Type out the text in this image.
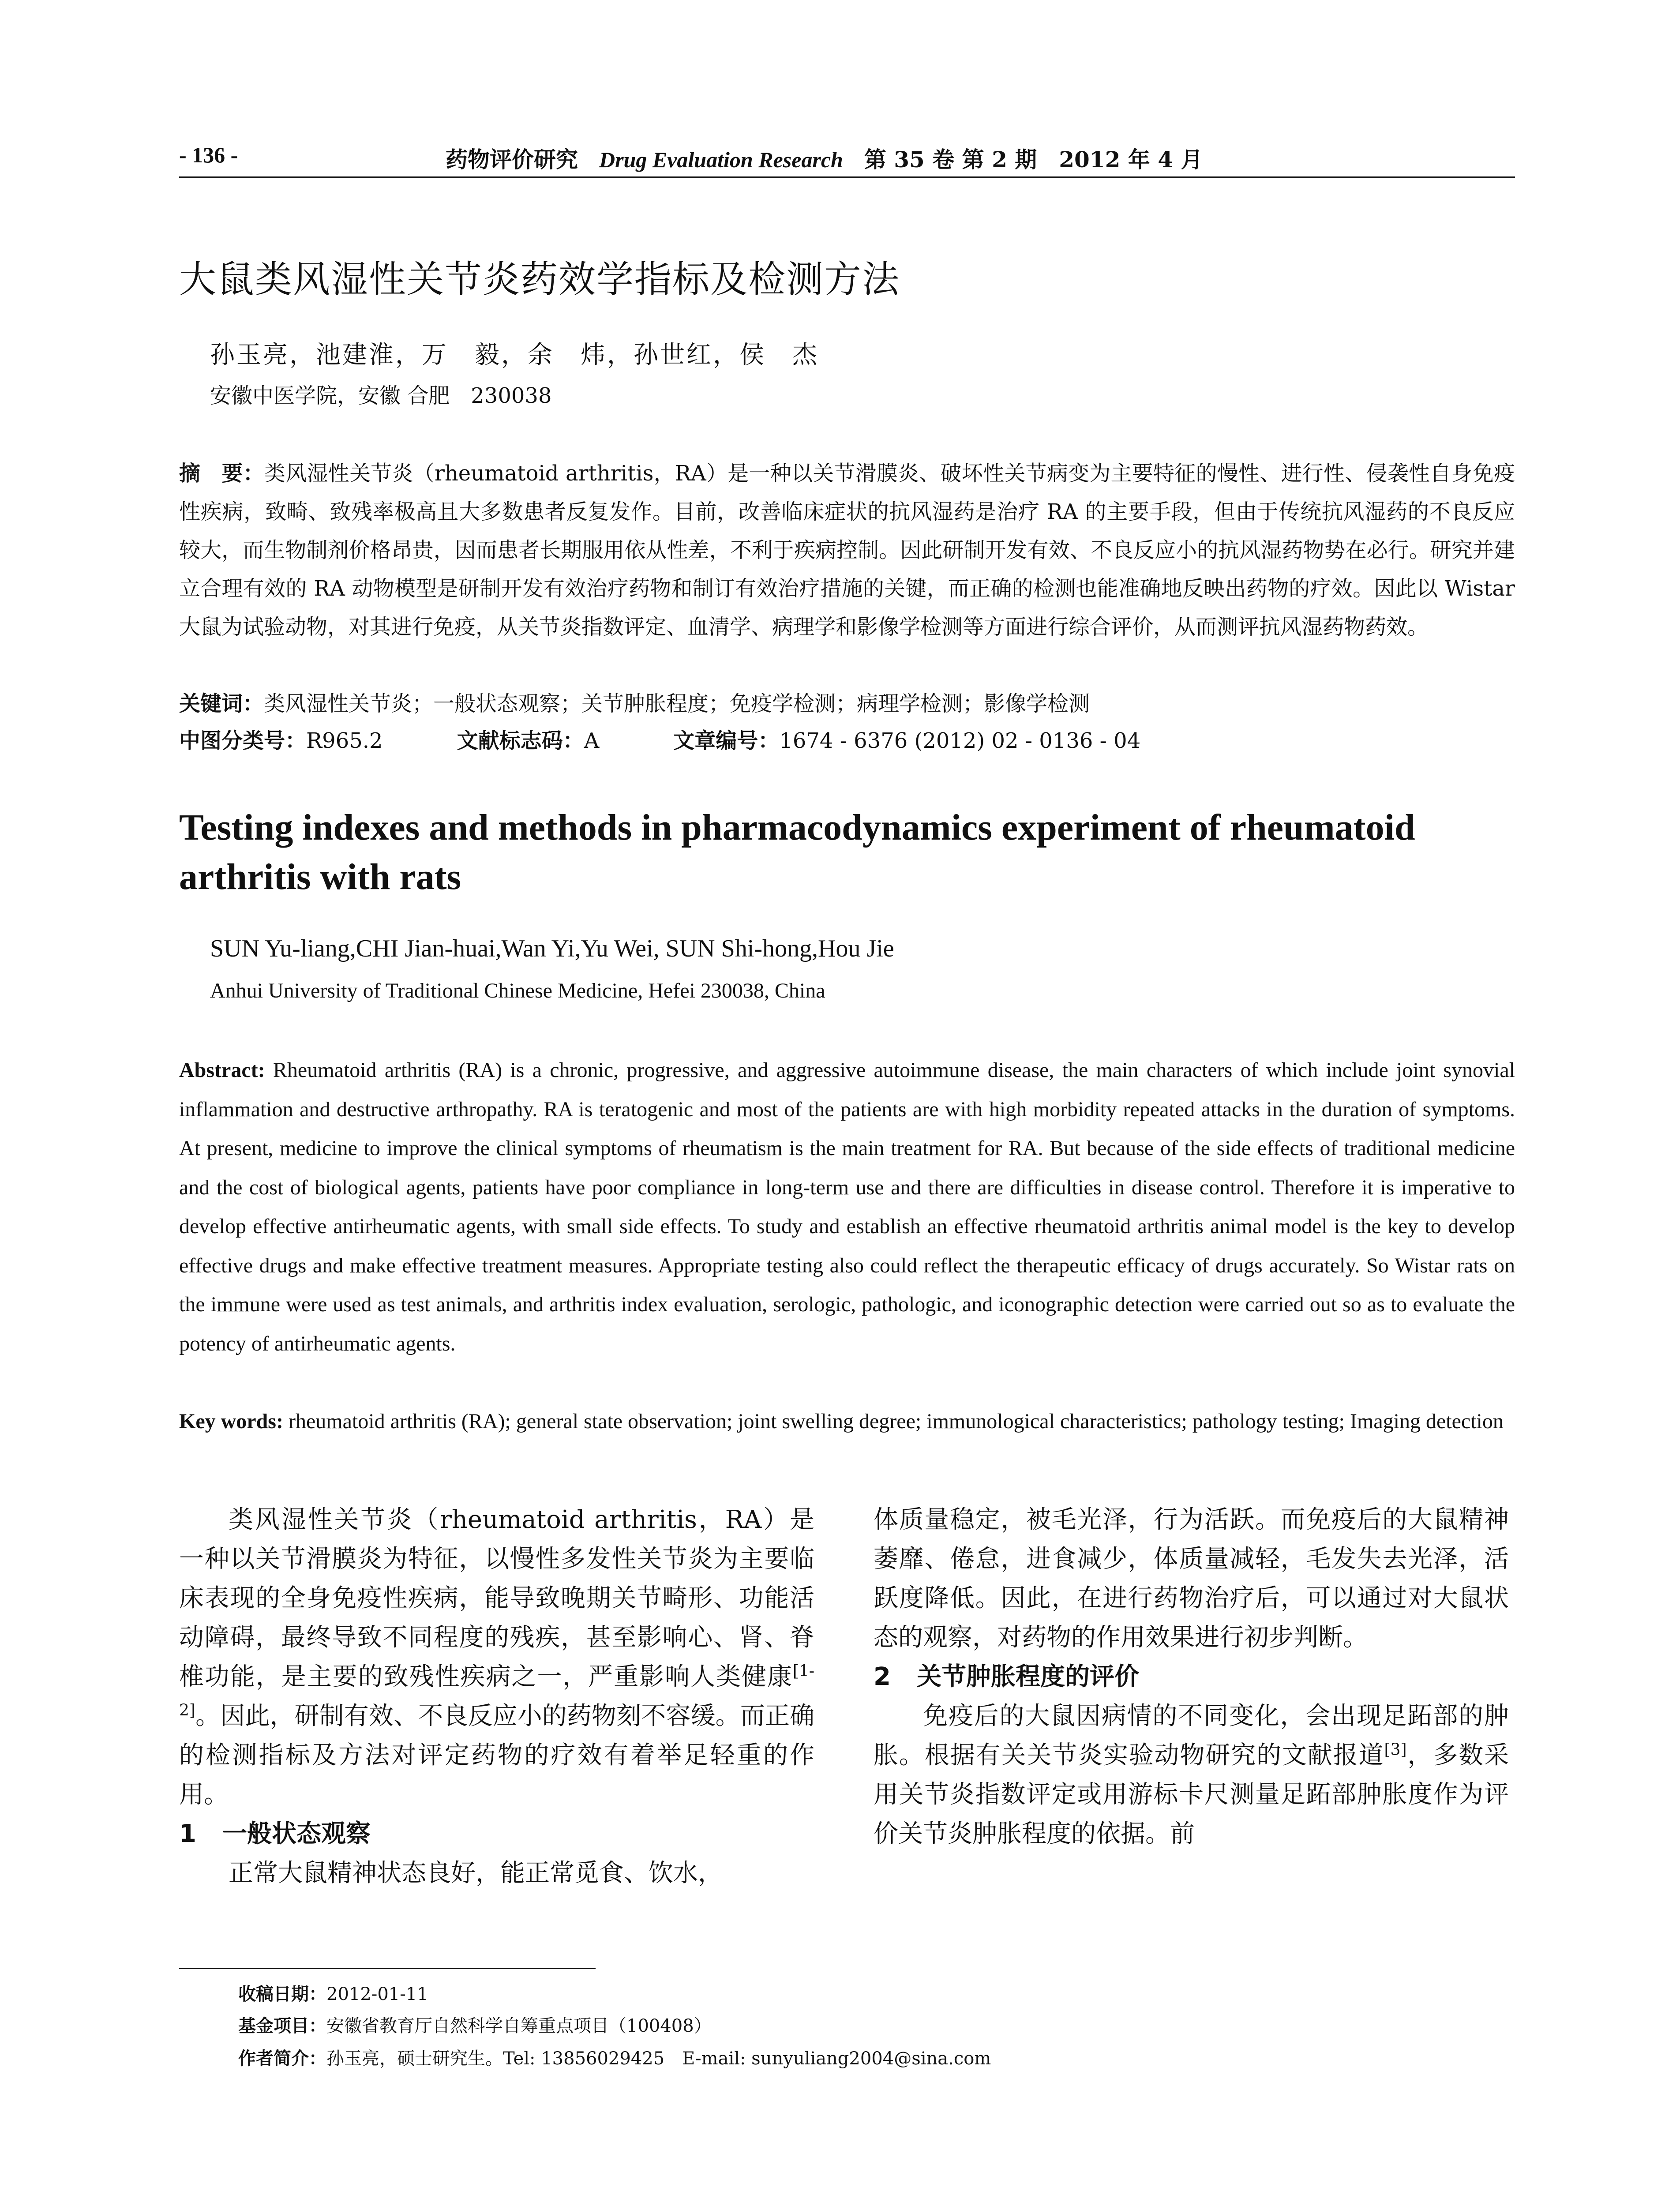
- 136 -	药物评价研究 Drug Evaluation Research 第 35 卷 第 2 期　2012 年 4 月
大鼠类风湿性关节炎药效学指标及检测方法
孙玉亮，池建淮，万　毅，余　炜，孙世红，侯　杰
安徽中医学院，安徽 合肥　230038
摘　要：类风湿性关节炎（rheumatoid arthritis，RA）是一种以关节滑膜炎、破坏性关节病变为主要特征的慢性、进行性、侵袭性自身免疫性疾病，致畸、致残率极高且大多数患者反复发作。目前，改善临床症状的抗风湿药是治疗 RA 的主要手段，但由于传统抗风湿药的不良反应较大，而生物制剂价格昂贵，因而患者长期服用依从性差，不利于疾病控制。因此研制开发有效、不良反应小的抗风湿药物势在必行。研究并建立合理有效的 RA 动物模型是研制开发有效治疗药物和制订有效治疗措施的关键，而正确的检测也能准确地反映出药物的疗效。因此以 Wistar 大鼠为试验动物，对其进行免疫，从关节炎指数评定、血清学、病理学和影像学检测等方面进行综合评价，从而测评抗风湿药物药效。
关键词：类风湿性关节炎；一般状态观察；关节肿胀程度；免疫学检测；病理学检测；影像学检测
中图分类号：R965.2	文献标志码：A	文章编号：1674 - 6376 (2012) 02 - 0136 - 04
Testing indexes and methods in pharmacodynamics experiment of rheumatoid arthritis with rats
SUN Yu-liang,CHI Jian-huai,Wan Yi,Yu Wei, SUN Shi-hong,Hou Jie
Anhui University of Traditional Chinese Medicine, Hefei 230038, China
Abstract: Rheumatoid arthritis (RA) is a chronic, progressive, and aggressive autoimmune disease, the main characters of which include joint synovial inflammation and destructive arthropathy. RA is teratogenic and most of the patients are with high morbidity repeated attacks in the duration of symptoms. At present, medicine to improve the clinical symptoms of rheumatism is the main treatment for RA. But because of the side effects of traditional medicine and the cost of biological agents, patients have poor compliance in long-term use and there are difficulties in disease control. Therefore it is imperative to develop effective antirheumatic agents, with small side effects. To study and establish an effective rheumatoid arthritis animal model is the key to develop effective drugs and make effective treatment measures. Appropriate testing also could reflect the therapeutic efficacy of drugs accurately. So Wistar rats on the immune were used as test animals, and arthritis index evaluation, serologic, pathologic, and iconographic detection were carried out so as to evaluate the potency of antirheumatic agents.
Key words: rheumatoid arthritis (RA); general state observation; joint swelling degree; immunological characteristics; pathology testing; Imaging detection

类风湿性关节炎（rheumatoid arthritis，RA）是一种以关节滑膜炎为特征，以慢性多发性关节炎为主要临床表现的全身免疫性疾病，能导致晚期关节畸形、功能活动障碍，最终导致不同程度的残疾，甚至影响心、肾、脊椎功能，是主要的致残性疾病之一，严重影响人类健康[1-2]。因此，研制有效、不良反应小的药物刻不容缓。而正确的检测指标及方法对评定药物的疗效有着举足轻重的作用。

1 一般状态观察

正常大鼠精神状态良好，能正常觅食、饮水，

体质量稳定，被毛光泽，行为活跃。而免疫后的大鼠精神萎靡、倦怠，进食减少，体质量减轻，毛发失去光泽，活跃度降低。因此，在进行药物治疗后，可以通过对大鼠状态的观察，对药物的作用效果进行初步判断。

2 关节肿胀程度的评价

免疫后的大鼠因病情的不同变化，会出现足跖部的肿胀。根据有关关节炎实验动物研究的文献报道[3]，多数采用关节炎指数评定或用游标卡尺测量足跖部肿胀度作为评价关节炎肿胀程度的依据。前

收稿日期：2012-01-11
基金项目：安徽省教育厅自然科学自筹重点项目（100408）
作者简介：孙玉亮，硕士研究生。Tel: 13856029425　E-mail: sunyuliang2004@sina.com
